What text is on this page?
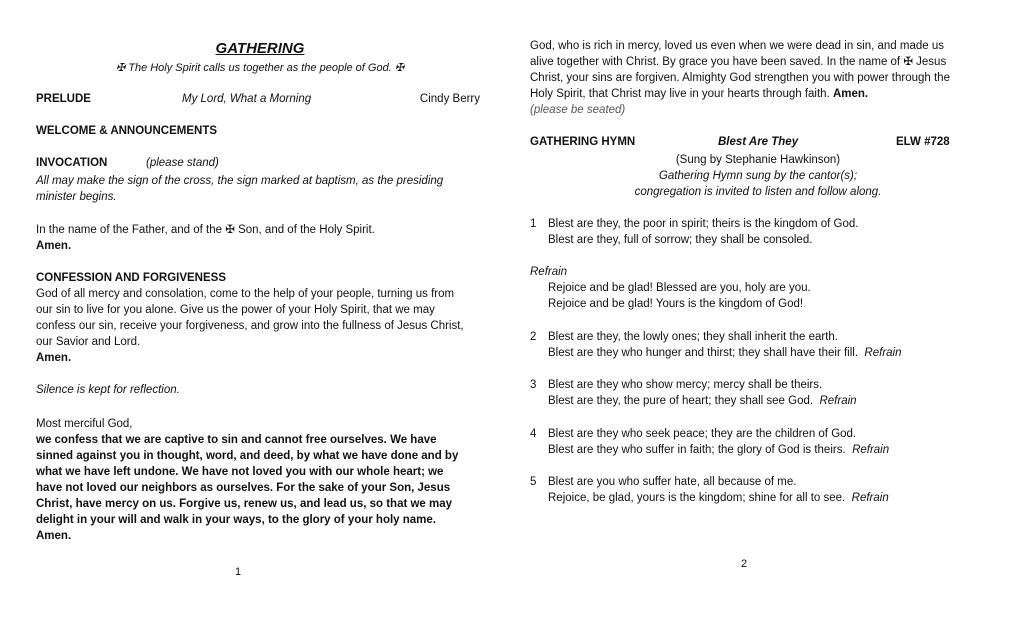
GATHERING
✠ The Holy Spirit calls us together as the people of God. ✠
PRELUDE	My Lord, What a Morning	Cindy Berry
WELCOME & ANNOUNCEMENTS
INVOCATION	(please stand)

All may make the sign of the cross, the sign marked at baptism, as the presiding

minister begins.

In the name of the Father, and of the ✠ Son, and of the Holy Spirit.

Amen.

CONFESSION AND FORGIVENESS

God of all mercy and consolation, come to the help of your people, turning us from

our sin to live for you alone. Give us the power of your Holy Spirit, that we may

confess our sin, receive your forgiveness, and grow into the fullness of Jesus Christ,

our Savior and Lord.

Amen.

Silence is kept for reflection.

Most merciful God,

we confess that we are captive to sin and cannot free ourselves. We have

sinned against you in thought, word, and deed, by what we have done and by

what we have left undone. We have not loved you with our whole heart; we

have not loved our neighbors as ourselves. For the sake of your Son, Jesus

Christ, have mercy on us. Forgive us, renew us, and lead us, so that we may

delight in your will and walk in your ways, to the glory of your holy name.

Amen.

1

God, who is rich in mercy, loved us even when we were dead in sin, and made us

alive together with Christ. By grace you have been saved. In the name of ✠ Jesus

Christ, your sins are forgiven. Almighty God strengthen you with power through the

Holy Spirit, that Christ may live in your hearts through faith. Amen.

(please be seated)

GATHERING HYMN	Blest Are They	ELW #728

(Sung by Stephanie Hawkinson)

Gathering Hymn sung by the cantor(s);

congregation is invited to listen and follow along.

1	Blest are they, the poor in spirit; theirs is the kingdom of God.
Blest are they, full of sorrow; they shall be consoled.
Refrain
Rejoice and be glad! Blessed are you, holy are you.
Rejoice and be glad! Yours is the kingdom of God!
2	Blest are they, the lowly ones; they shall inherit the earth.
Blest are they who hunger and thirst; they shall have their fill. Refrain
3	Blest are they who show mercy; mercy shall be theirs.
Blest are they, the pure of heart; they shall see God. Refrain
4	Blest are they who seek peace; they are the children of God.
Blest are they who suffer in faith; the glory of God is theirs. Refrain
5	Blest are you who suffer hate, all because of me.
Rejoice, be glad, yours is the kingdom; shine for all to see. Refrain
2
